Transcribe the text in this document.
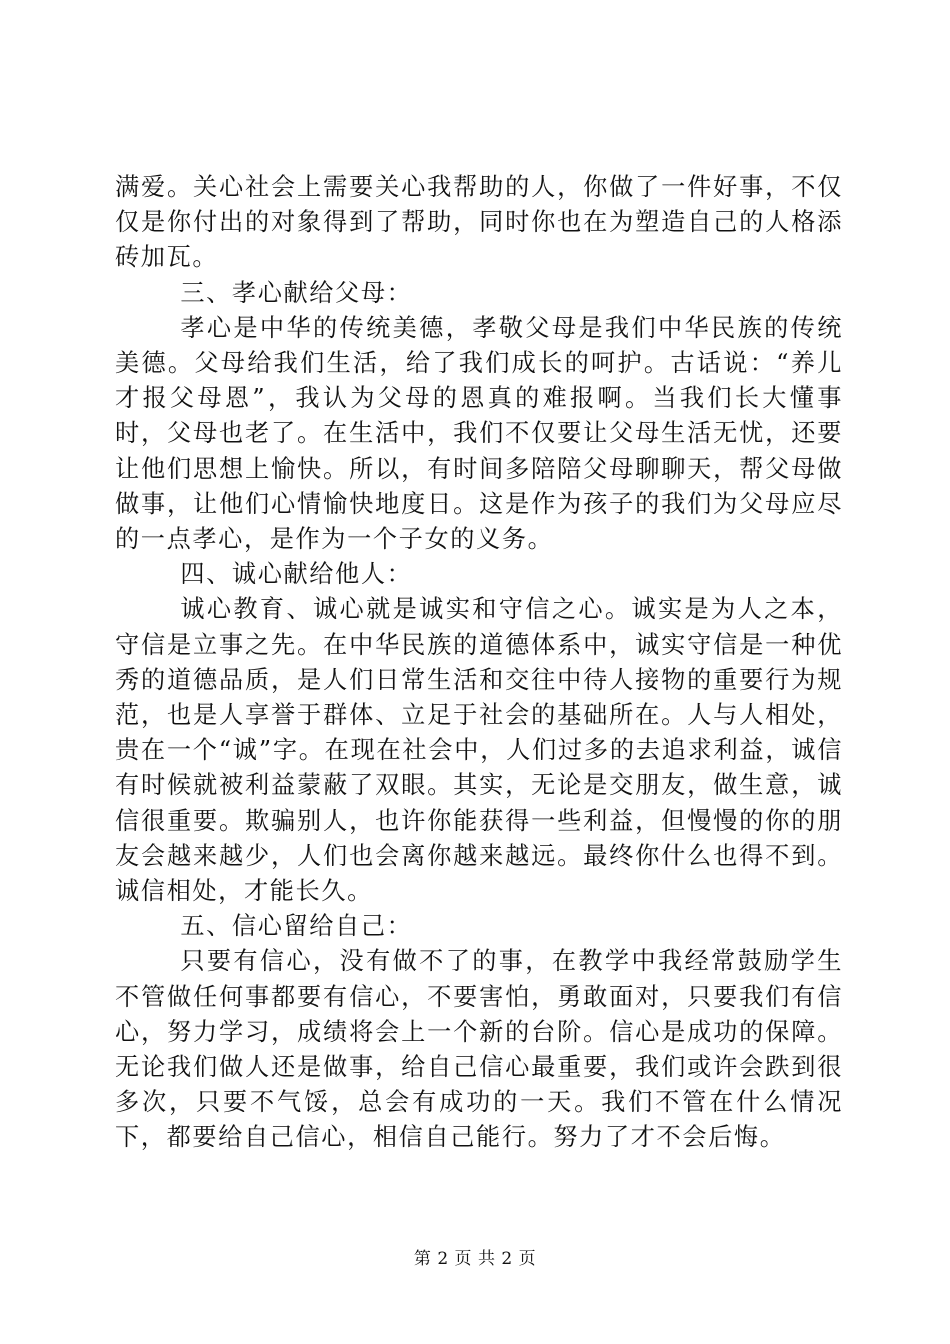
满爱。关心社会上需要关心我帮助的人，你做了一件好事，不仅仅是你付出的对象得到了帮助，同时你也在为塑造自己的人格添砖加瓦。

三、孝心献给父母：

孝心是中华的传统美德，孝敬父母是我们中华民族的传统美德。父母给我们生活，给了我们成长的呵护。古话说：“养儿才报父母恩”，我认为父母的恩真的难报啊。当我们长大懂事时，父母也老了。在生活中，我们不仅要让父母生活无忧，还要让他们思想上愉快。所以，有时间多陪陪父母聊聊天，帮父母做做事，让他们心情愉快地度日。这是作为孩子的我们为父母应尽的一点孝心，是作为一个子女的义务。

四、诚心献给他人：

诚心教育、诚心就是诚实和守信之心。诚实是为人之本，守信是立事之先。在中华民族的道德体系中，诚实守信是一种优秀的道德品质，是人们日常生活和交往中待人接物的重要行为规范，也是人享誉于群体、立足于社会的基础所在。人与人相处，贵在一个“诚”字。在现在社会中，人们过多的去追求利益，诚信有时候就被利益蒙蔽了双眼。其实，无论是交朋友，做生意，诚信很重要。欺骗别人，也许你能获得一些利益，但慢慢的你的朋友会越来越少，人们也会离你越来越远。最终你什么也得不到。诚信相处，才能长久。

五、信心留给自己：

只要有信心，没有做不了的事，在教学中我经常鼓励学生不管做任何事都要有信心，不要害怕，勇敢面对，只要我们有信心，努力学习，成绩将会上一个新的台阶。信心是成功的保障。无论我们做人还是做事，给自己信心最重要，我们或许会跌到很多次，只要不气馁，总会有成功的一天。我们不管在什么情况下，都要给自己信心，相信自己能行。努力了才不会后悔。

第 2 页 共 2 页
